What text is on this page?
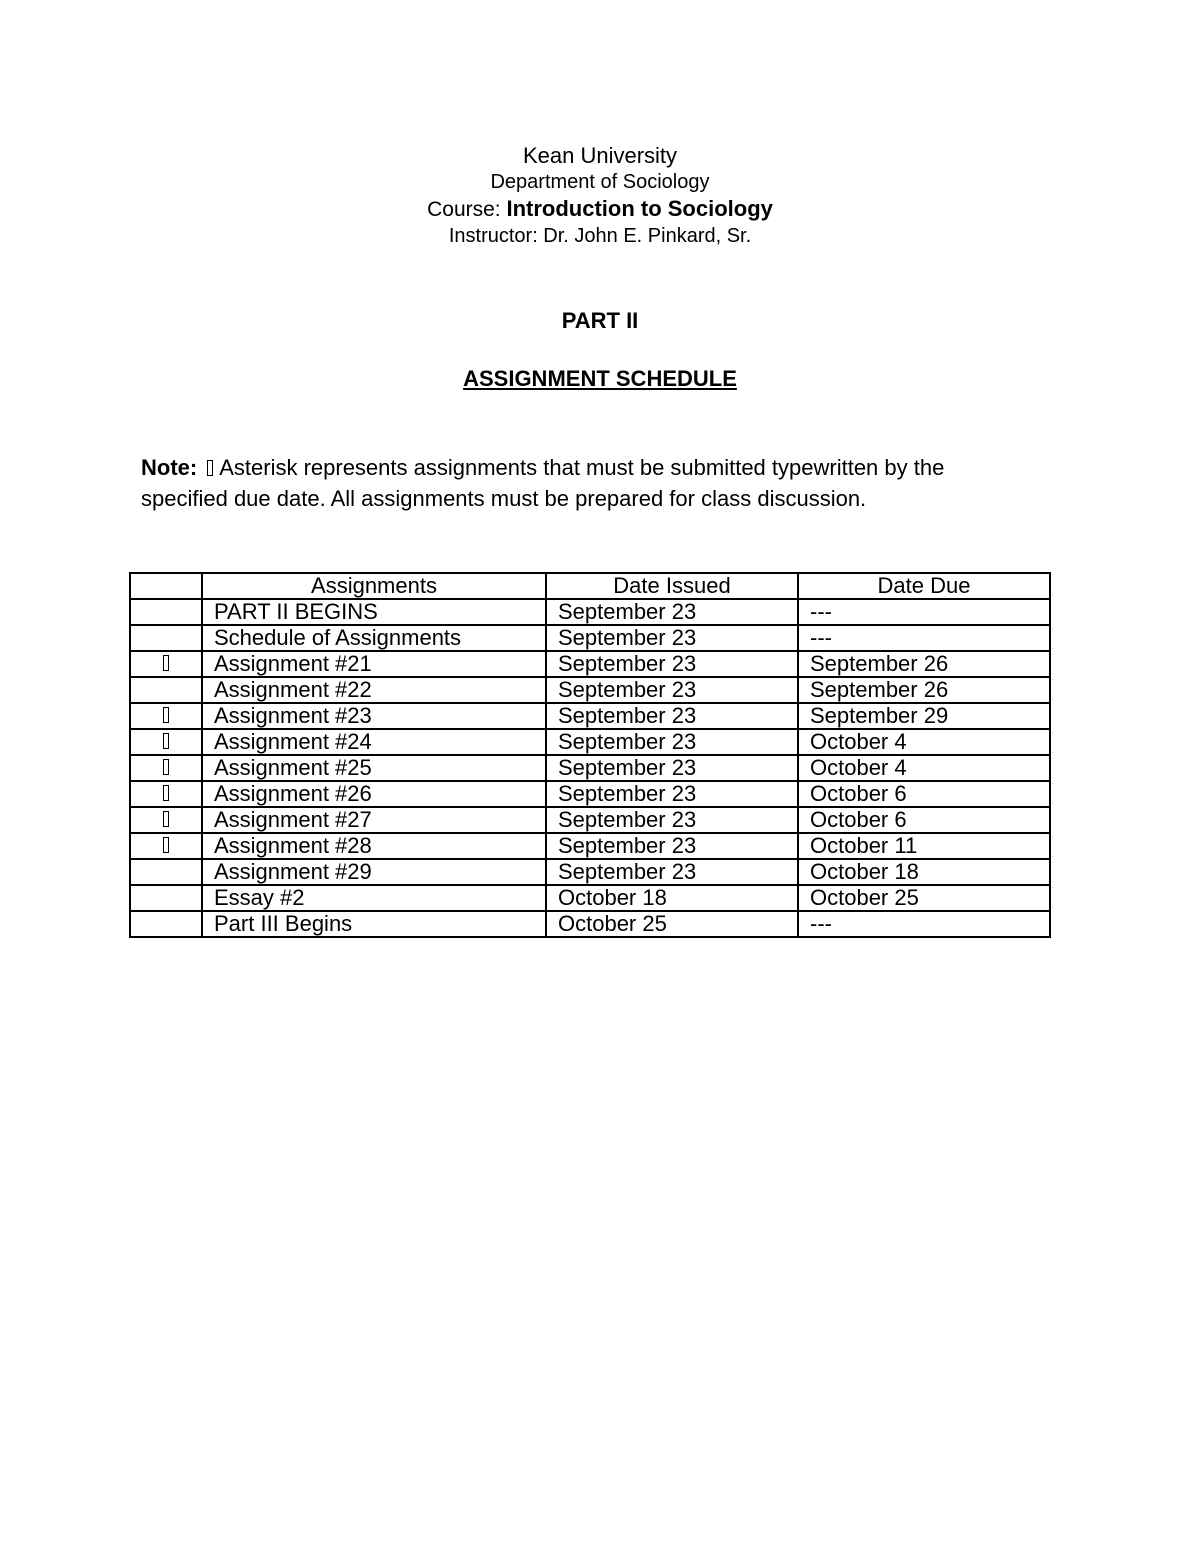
Kean University
Department of Sociology
Course: Introduction to Sociology
Instructor: Dr. John E. Pinkard, Sr.
PART II
ASSIGNMENT SCHEDULE
Note: Asterisk represents assignments that must be submitted typewritten by the
specified due date. All assignments must be prepared for class discussion.
	Assignments	Date Issued	Date Due
	PART II BEGINS	September 23	---
	Schedule of Assignments	September 23	---
	Assignment #21	September 23	September 26
	Assignment #22	September 23	September 26
	Assignment #23	September 23	September 29
	Assignment #24	September 23	October 4
	Assignment #25	September 23	October 4
	Assignment #26	September 23	October 6
	Assignment #27	September 23	October 6
	Assignment #28	September 23	October 11
	Assignment #29	September 23	October 18
	Essay #2	October 18	October 25
	Part III Begins	October 25	---
